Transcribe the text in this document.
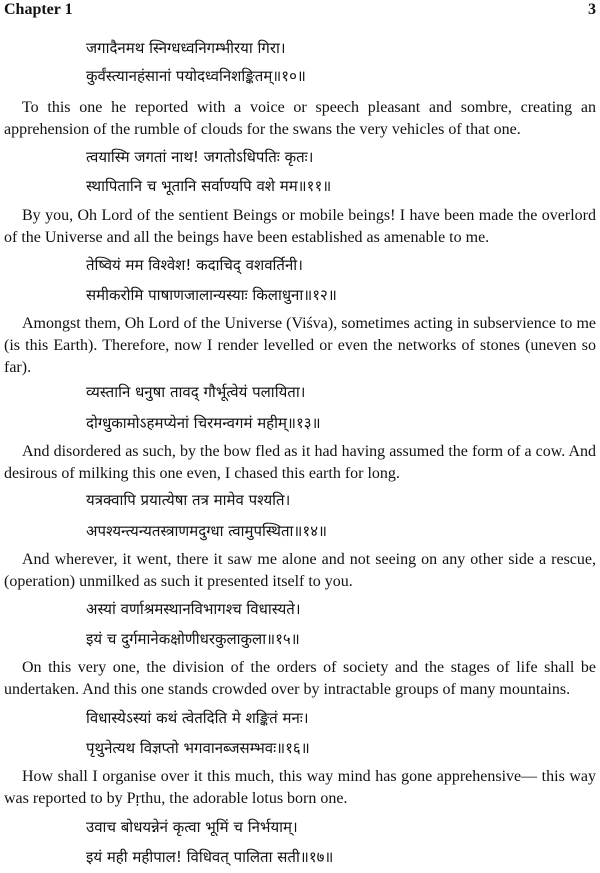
Chapter 1	3
जगादैनमथ स्निग्धध्वनिगम्भीरया गिरा।
कुर्वंस्त्यानहंसानां पयोदध्वनिशङ्कितम्॥१०॥

To this one he reported with a voice or speech pleasant and sombre, creating an apprehension of the rumble of clouds for the swans the very vehicles of that one.

त्वयास्मि जगतां नाथ! जगतोऽधिपतिः कृतः।
स्थापितानि च भूतानि सर्वाण्यपि वशे मम॥११॥

By you, Oh Lord of the sentient Beings or mobile beings! I have been made the overlord of the Universe and all the beings have been established as amenable to me.

तेष्वियं मम विश्वेश! कदाचिद् वशवर्तिनी।
समीकरोमि पाषाणजालान्यस्याः किलाधुना॥१२॥

Amongst them, Oh Lord of the Universe (Viśva), sometimes acting in subservience to me (is this Earth). Therefore, now I render levelled or even the networks of stones (uneven so far).

व्यस्तानि धनुषा तावद् गौर्भूत्वेयं पलायिता।
दोग्धुकामोऽहमप्येनां चिरमन्वगमं महीम्॥१३॥

And disordered as such, by the bow fled as it had having assumed the form of a cow. And desirous of milking this one even, I chased this earth for long.

यत्रक्वापि प्रयात्येषा तत्र मामेव पश्यति।
अपश्यन्त्यन्यतस्त्राणमदुग्धा त्वामुपस्थिता॥१४॥

And wherever, it went, there it saw me alone and not seeing on any other side a rescue, (operation) unmilked as such it presented itself to you.

अस्यां वर्णाश्रमस्थानविभागश्च विधास्यते।
इयं च दुर्गमानेकक्षोणीधरकुलाकुला॥१५॥

On this very one, the division of the orders of society and the stages of life shall be undertaken. And this one stands crowded over by intractable groups of many mountains.

विधास्येऽस्यां कथं त्वेतदिति मे शङ्कितं मनः।
पृथुनेत्यथ विज्ञप्तो भगवानब्जसम्भवः॥१६॥

How shall I organise over it this much, this way mind has gone apprehensive— this way was reported to by Pṛthu, the adorable lotus born one.

उवाच बोधयन्नेनं कृत्वा भूमिं च निर्भयाम्।
इयं मही महीपाल! विधिवत् पालिता सती॥१७॥
